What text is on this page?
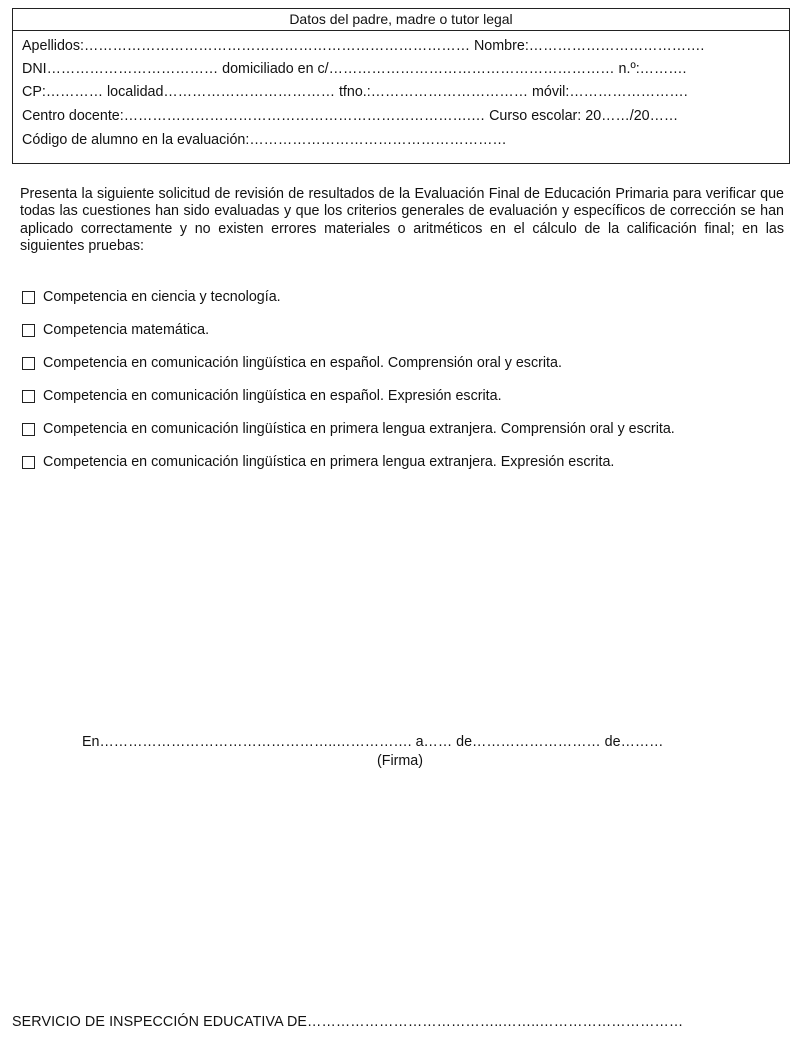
Datos del padre, madre o tutor legal
Apellidos:……………………………………………………………………… Nombre:……………………………….
DNI……………………………… domiciliado en c/…………………………………………………… n.º:……….
CP:………… localidad……………………………… tfno.:…………………………… móvil:…………………….
Centro docente:……………………………………………………………….… Curso escolar: 20……/20……
Código de alumno en la evaluación:………………………………………………

Presenta la siguiente solicitud de revisión de resultados de la Evaluación Final de Educación Primaria para verificar que todas las cuestiones han sido evaluadas y que los criterios generales de evaluación y específicos de corrección se han aplicado correctamente y no existen errores materiales o aritméticos en el cálculo de la calificación final; en las siguientes pruebas:

Competencia en ciencia y tecnología.
Competencia matemática.
Competencia en comunicación lingüística en español. Comprensión oral y escrita.
Competencia en comunicación lingüística en español. Expresión escrita.
Competencia en comunicación lingüística en primera lengua extranjera. Comprensión oral y escrita.
Competencia en comunicación lingüística en primera lengua extranjera. Expresión escrita.
En…………………………………………..……………. a…… de……………………… de………
(Firma)
SERVICIO DE INSPECCIÓN EDUCATIVA DE…………………………………..……..…………………………
